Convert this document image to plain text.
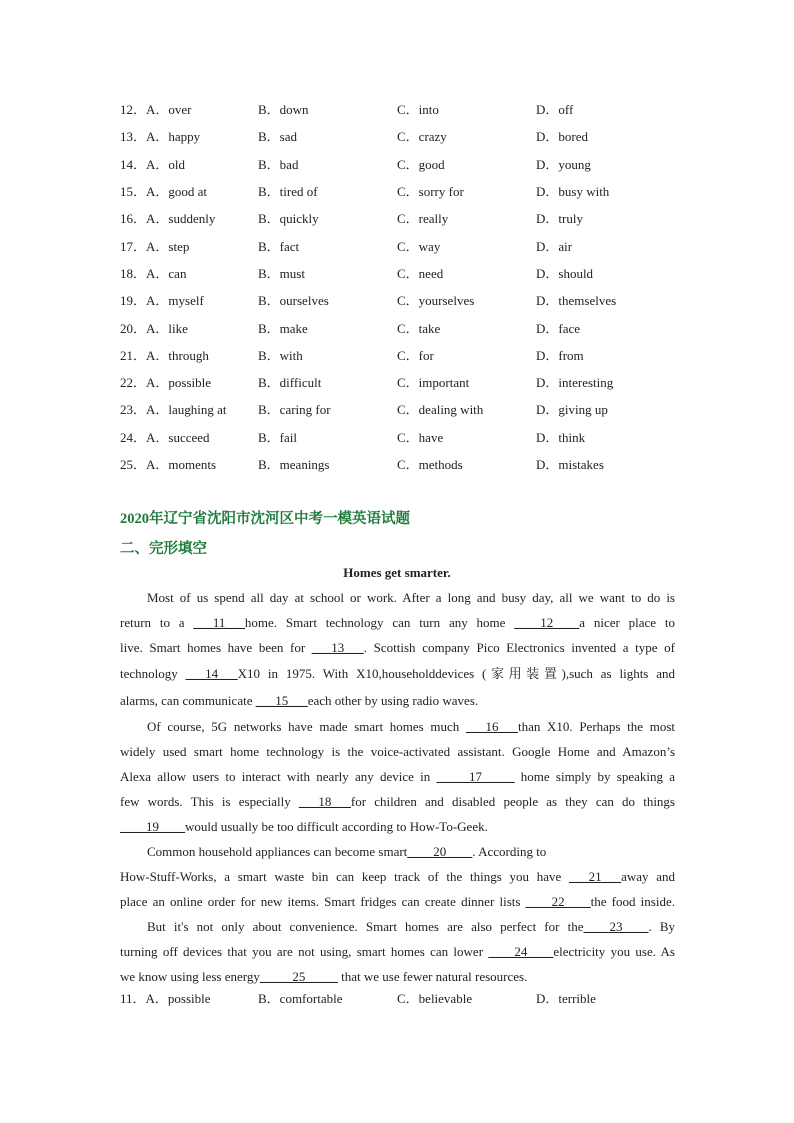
12．A．over	B．down	C．into	D．off
13．A．happy	B．sad	C．crazy	D．bored
14．A．old	B．bad	C．good	D．young
15．A．good at	B．tired of	C．sorry for	D．busy with
16．A．suddenly	B．quickly	C．really	D．truly
17．A．step	B．fact	C．way	D．air
18．A．can	B．must	C．need	D．should
19．A．myself	B．ourselves	C．yourselves	D．themselves
20．A．like	B．make	C．take	D．face
21．A．through	B．with	C．for	D．from
22．A．possible	B．difficult	C．important	D．interesting
23．A．laughing at	B．caring for	C．dealing with	D．giving up
24．A．succeed	B．fail	C．have	D．think
25．A．moments	B．meanings	C．methods	D．mistakes
2020年辽宁省沈阳市沈河区中考一模英语试题
二、完形填空
Homes get smarter.
Most of us spend all day at school or work. After a long and busy day, all we want to do is
return to a ___11___home. Smart technology can turn any home ____12____a nicer place to
live. Smart homes have been for ___13___. Scottish company Pico Electronics invented a type of
technology ___14___X10 in 1975. With X10,householddevices (家用装置),such as lights and
alarms, can communicate ___15___each other by using radio waves.
Of course, 5G networks have made smart homes much ___16___than X10. Perhaps the most
widely used smart home technology is the voice-activated assistant. Google Home and Amazon’s
Alexa allow users to interact with nearly any device in _____17_____ home simply by speaking a
few words. This is especially ___18___for children and disabled people as they can do things
____19____would usually be too difficult according to How-To-Geek.
Common household appliances can become smart____20____. According to
How-Stuff-Works, a smart waste bin can keep track of the things you have ___21___away and
place an online order for new items. Smart fridges can create dinner lists ____22____the food inside.
But it's not only about convenience. Smart homes are also perfect for the____23____. By
turning off devices that you are not using, smart homes can lower ____24____electricity you use. As
we know using less energy_____25_____ that we use fewer natural resources.
11．A．possible	B．comfortable	C．believable	D．terrible
